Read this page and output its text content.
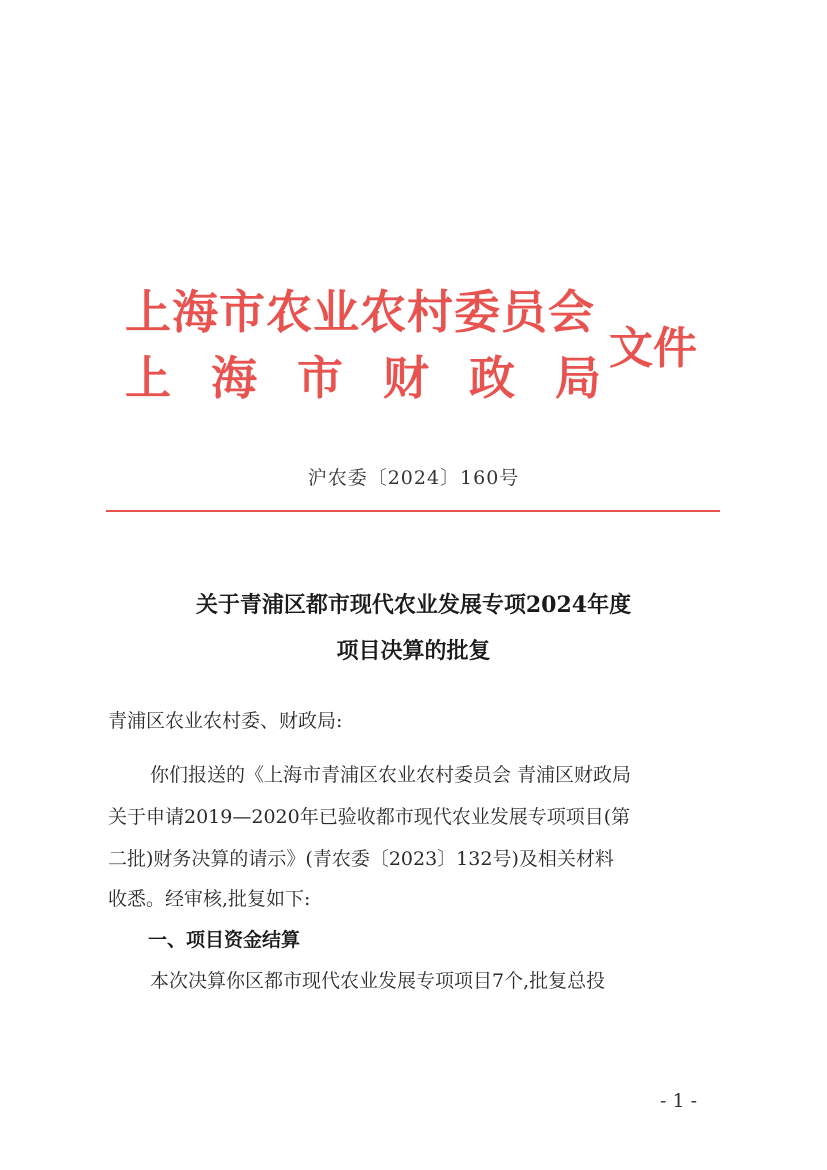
上海市农业农村委员会
上 海 市 财 政 局
文件
沪农委〔2024〕160号
关于青浦区都市现代农业发展专项2024年度
项目决算的批复
青浦区农业农村委、财政局:
你们报送的《上海市青浦区农业农村委员会 青浦区财政局
关于申请2019—2020年已验收都市现代农业发展专项项目(第
二批)财务决算的请示》(青农委〔2023〕132号)及相关材料
收悉。经审核,批复如下:
一、项目资金结算
本次决算你区都市现代农业发展专项项目7个,批复总投
- 1 -
